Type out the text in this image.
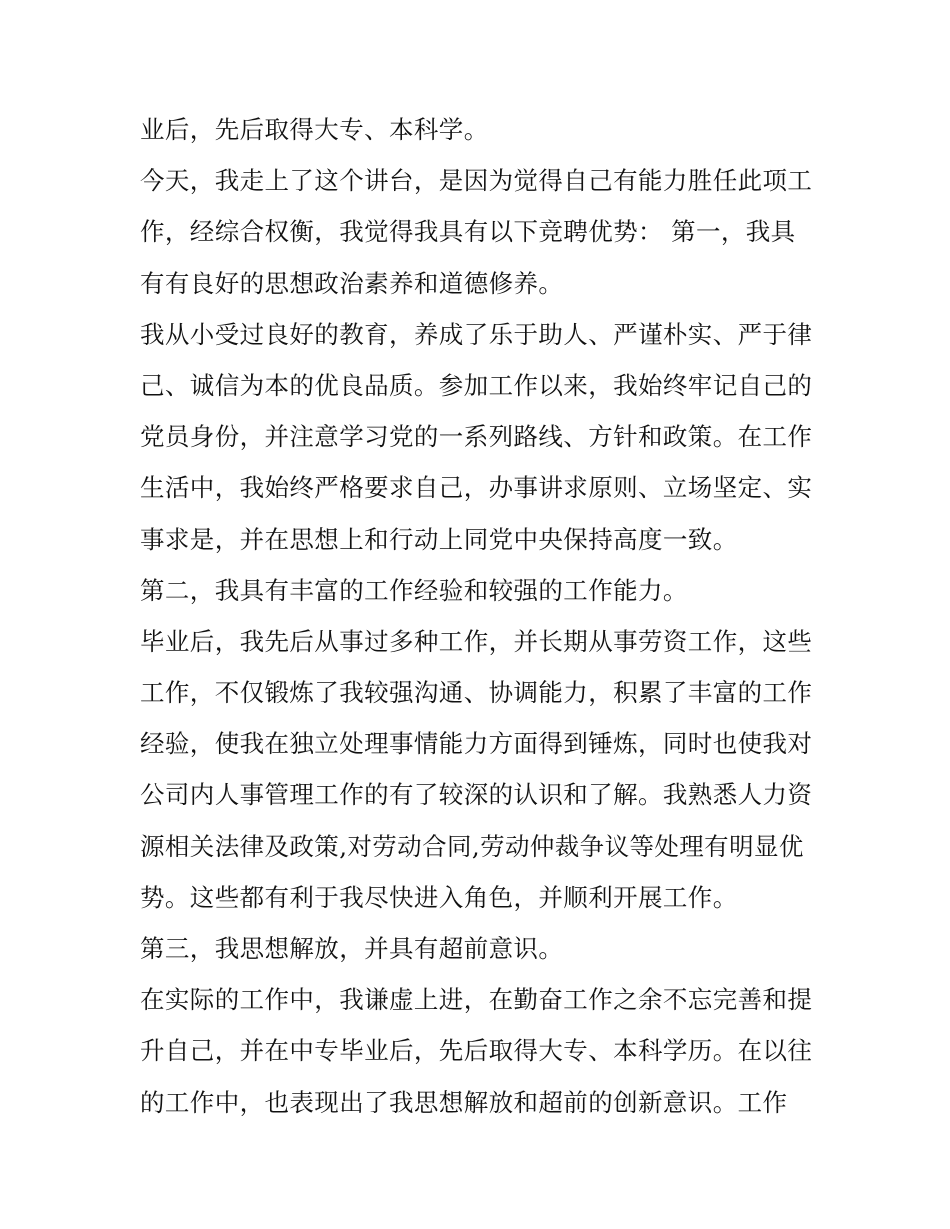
业后，先后取得大专、本科学。
今天，我走上了这个讲台，是因为觉得自己有能力胜任此项工
作，经综合权衡，我觉得我具有以下竞聘优势： 第一，我具
有有良好的思想政治素养和道德修养。
我从小受过良好的教育，养成了乐于助人、严谨朴实、严于律
己、诚信为本的优良品质。参加工作以来，我始终牢记自己的
党员身份，并注意学习党的一系列路线、方针和政策。在工作
生活中，我始终严格要求自己，办事讲求原则、立场坚定、实
事求是，并在思想上和行动上同党中央保持高度一致。
第二，我具有丰富的工作经验和较强的工作能力。
毕业后，我先后从事过多种工作，并长期从事劳资工作，这些
工作，不仅锻炼了我较强沟通、协调能力，积累了丰富的工作
经验，使我在独立处理事情能力方面得到锤炼，同时也使我对
公司内人事管理工作的有了较深的认识和了解。我熟悉人力资
源相关法律及政策,对劳动合同,劳动仲裁争议等处理有明显优
势。这些都有利于我尽快进入角色，并顺利开展工作。
第三，我思想解放，并具有超前意识。
在实际的工作中，我谦虚上进，在勤奋工作之余不忘完善和提
升自己，并在中专毕业后，先后取得大专、本科学历。在以往
的工作中，也表现出了我思想解放和超前的创新意识。工作
